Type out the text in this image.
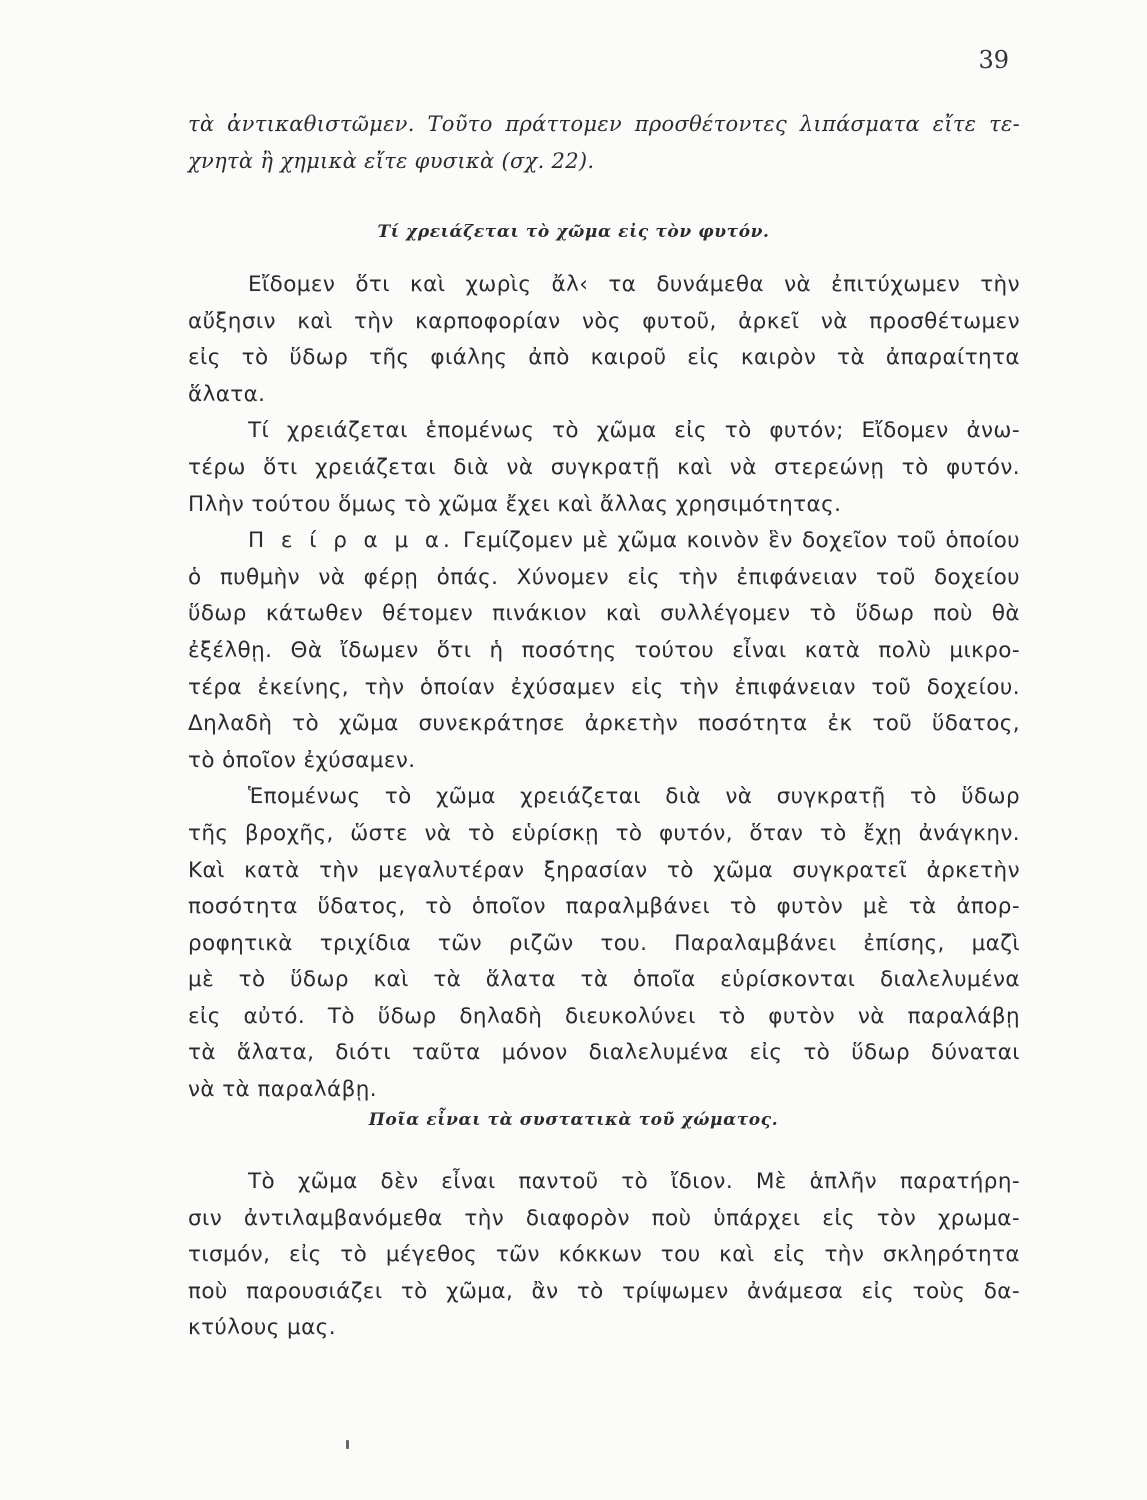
39
τὰ ἀντικαθιστῶμεν. Τοῦτο πράττομεν προσθέτοντες λιπάσματα εἴτε τε-
χνητὰ ἢ χημικὰ εἴτε φυσικὰ (σχ. 22).
Τί χρειάζεται τὸ χῶμα εἰς τὸν φυτόν.
Εἴδομεν ὅτι καὶ χωρὶς ἄλ‹ τα δυνάμεθα νὰ ἐπιτύχωμεν τὴν
αὔξησιν καὶ τὴν καρποφορίαν νὸς φυτοῦ, ἀρκεῖ νὰ προσθέτωμεν
εἰς τὸ ὕδωρ τῆς φιάλης ἀπὸ καιροῦ εἰς καιρὸν τὰ ἀπαραίτητα
ἅλατα.
Τί χρειάζεται ἑπομένως τὸ χῶμα εἰς τὸ φυτόν; Εἴδομεν ἀνω-
τέρω ὅτι χρειάζεται διὰ νὰ συγκρατῇ καὶ νὰ στερεώνῃ τὸ φυτόν.
Πλὴν τούτου ὅμως τὸ χῶμα ἔχει καὶ ἄλλας χρησιμότητας.
Π ε ί ρ α μ α. Γεμίζομεν μὲ χῶμα κοινὸν ἓν δοχεῖον τοῦ ὁποίου
ὁ πυθμὴν νὰ φέρῃ ὀπάς. Χύνομεν εἰς τὴν ἐπιφάνειαν τοῦ δοχείου
ὕδωρ κάτωθεν θέτομεν πινάκιον καὶ συλλέγομεν τὸ ὕδωρ ποὺ θὰ
ἐξέλθῃ. Θὰ ἴδωμεν ὅτι ἡ ποσότης τούτου εἶναι κατὰ πολὺ μικρο-
τέρα ἐκείνης, τὴν ὁποίαν ἐχύσαμεν εἰς τὴν ἐπιφάνειαν τοῦ δοχείου.
Δηλαδὴ τὸ χῶμα συνεκράτησε ἀρκετὴν ποσότητα ἐκ τοῦ ὕδατος,
τὸ ὁποῖον ἐχύσαμεν.
Ἑπομένως τὸ χῶμα χρειάζεται διὰ νὰ συγκρατῇ τὸ ὕδωρ
τῆς βροχῆς, ὥστε νὰ τὸ εὑρίσκῃ τὸ φυτόν, ὅταν τὸ ἔχῃ ἀνάγκην.
Καὶ κατὰ τὴν μεγαλυτέραν ξηρασίαν τὸ χῶμα συγκρατεῖ ἀρκετὴν
ποσότητα ὕδατος, τὸ ὁποῖον παραλμβάνει τὸ φυτὸν μὲ τὰ ἀπορ-
ροφητικὰ τριχίδια τῶν ριζῶν του. Παραλαμβάνει ἐπίσης, μαζὶ
μὲ τὸ ὕδωρ καὶ τὰ ἅλατα τὰ ὁποῖα εὑρίσκονται διαλελυμένα
εἰς αὐτό. Τὸ ὕδωρ δηλαδὴ διευκολύνει τὸ φυτὸν νὰ παραλάβῃ
τὰ ἅλατα, διότι ταῦτα μόνον διαλελυμένα εἰς τὸ ὕδωρ δύναται
νὰ τὰ παραλάβῃ.
Ποῖα εἶναι τὰ συστατικὰ τοῦ χώματος.
Τὸ χῶμα δὲν εἶναι παντοῦ τὸ ἴδιον. Μὲ ἁπλῆν παρατήρη-
σιν ἀντιλαμβανόμεθα τὴν διαφορὸν ποὺ ὑπάρχει εἰς τὸν χρωμα-
τισμόν, εἰς τὸ μέγεθος τῶν κόκκων του καὶ εἰς τὴν σκληρότητα
ποὺ παρουσιάζει τὸ χῶμα, ἂν τὸ τρίψωμεν ἀνάμεσα εἰς τοὺς δα-
κτύλους μας.
